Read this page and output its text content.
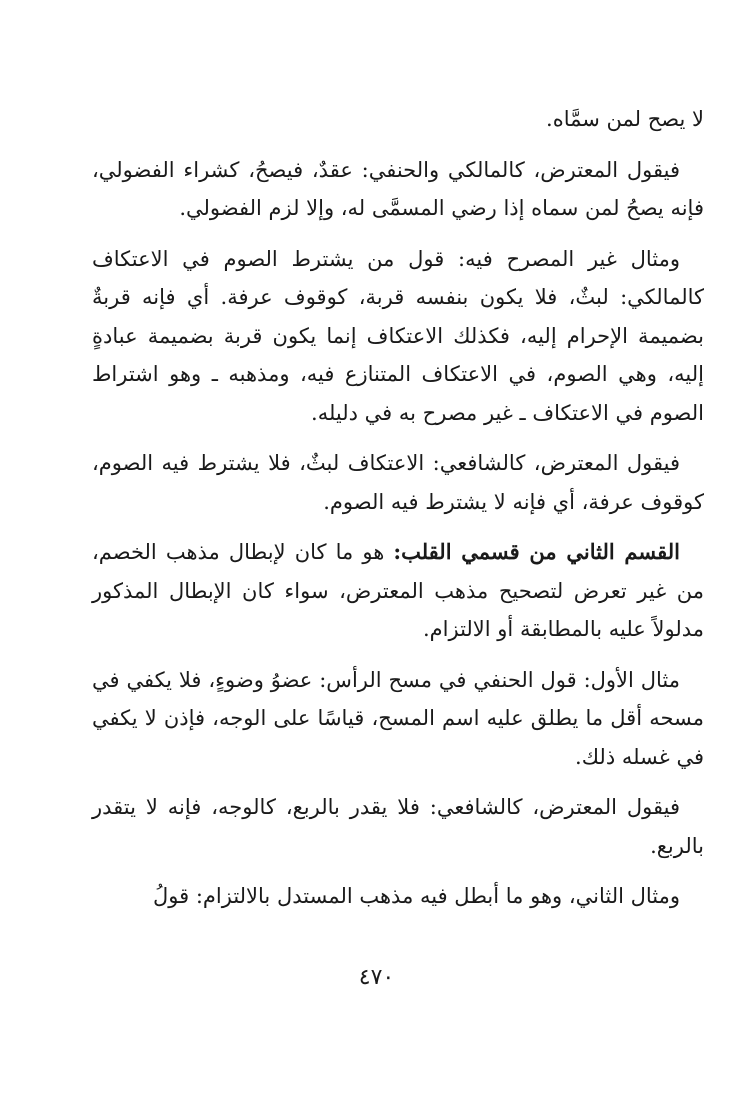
لا يصح لمن سمَّاه.

فيقول المعترض، كالمالكي والحنفي: عقدٌ، فيصحُ، كشراء الفضولي، فإنه يصحُ لمن سماه إذا رضي المسمَّى له، وإلا لزم الفضولي.

ومثال غير المصرح فيه: قول من يشترط الصوم في الاعتكاف كالمالكي: لبثٌ، فلا يكون بنفسه قربة، كوقوف عرفة. أي فإنه قربةٌ بضميمة الإحرام إليه، فكذلك الاعتكاف إنما يكون قربة بضميمة عبادةٍ إليه، وهي الصوم، في الاعتكاف المتنازع فيه، ومذهبه ـ وهو اشتراط الصوم في الاعتكاف ـ غير مصرح به في دليله.

فيقول المعترض، كالشافعي: الاعتكاف لبثٌ، فلا يشترط فيه الصوم، كوقوف عرفة، أي فإنه لا يشترط فيه الصوم.

القسم الثاني من قسمي القلب: هو ما كان لإبطال مذهب الخصم، من غير تعرض لتصحيح مذهب المعترض، سواء كان الإبطال المذكور مدلولاً عليه بالمطابقة أو الالتزام.

مثال الأول: قول الحنفي في مسح الرأس: عضوُ وضوءٍ، فلا يكفي في مسحه أقل ما يطلق عليه اسم المسح، قياسًا على الوجه، فإذن لا يكفي في غسله ذلك.

فيقول المعترض، كالشافعي: فلا يقدر بالربع، كالوجه، فإنه لا يتقدر بالربع.

ومثال الثاني، وهو ما أبطل فيه مذهب المستدل بالالتزام: قولُ

٤٧٠
